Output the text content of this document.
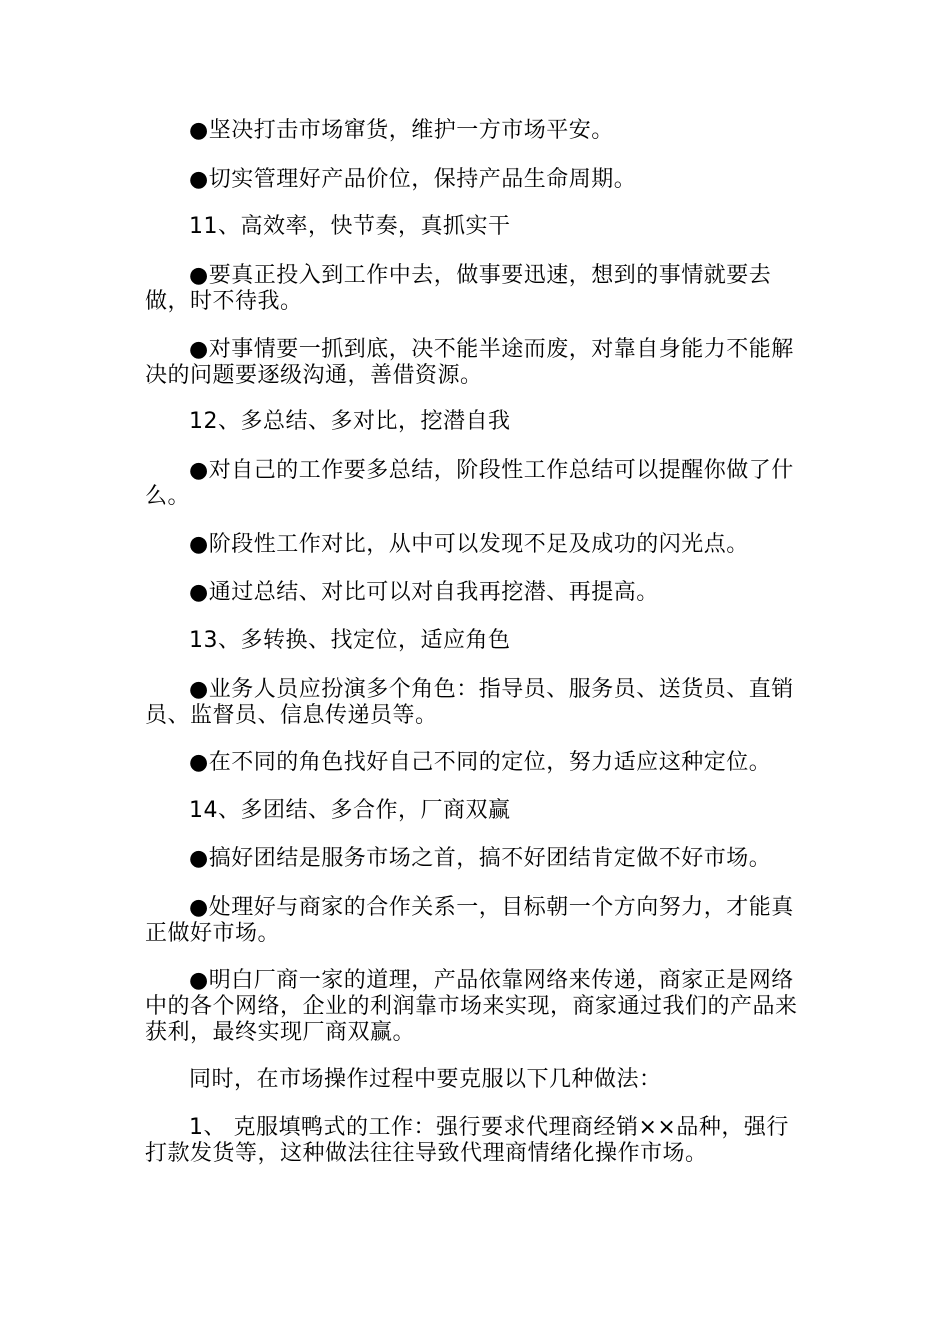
●坚决打击市场窜货，维护一方市场平安。

●切实管理好产品价位，保持产品生命周期。

11、高效率，快节奏，真抓实干

●要真正投入到工作中去，做事要迅速，想到的事情就要去做，时不待我。

●对事情要一抓到底，决不能半途而废，对靠自身能力不能解决的问题要逐级沟通，善借资源。

12、多总结、多对比，挖潜自我

●对自己的工作要多总结，阶段性工作总结可以提醒你做了什么。

●阶段性工作对比，从中可以发现不足及成功的闪光点。

●通过总结、对比可以对自我再挖潜、再提高。

13、多转换、找定位，适应角色

●业务人员应扮演多个角色：指导员、服务员、送货员、直销员、监督员、信息传递员等。

●在不同的角色找好自己不同的定位，努力适应这种定位。

14、多团结、多合作，厂商双赢

●搞好团结是服务市场之首，搞不好团结肯定做不好市场。

●处理好与商家的合作关系一，目标朝一个方向努力，才能真正做好市场。

●明白厂商一家的道理，产品依靠网络来传递，商家正是网络中的各个网络，企业的利润靠市场来实现，商家通过我们的产品来获利，最终实现厂商双赢。

同时，在市场操作过程中要克服以下几种做法：

1、 克服填鸭式的工作：强行要求代理商经销××品种，强行打款发货等，这种做法往往导致代理商情绪化操作市场。
